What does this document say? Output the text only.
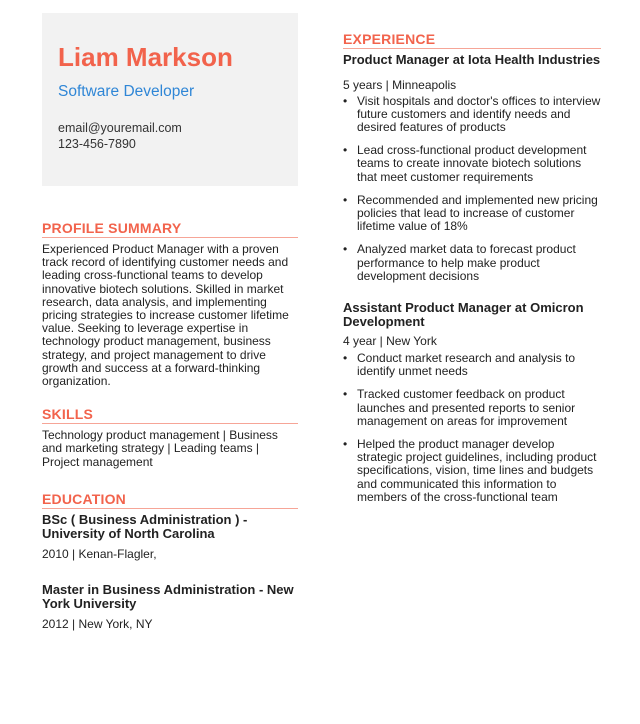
Liam Markson
Software Developer
email@youremail.com
123-456-7890
PROFILE SUMMARY
Experienced Product Manager with a proven track record of identifying customer needs and leading cross-functional teams to develop innovative biotech solutions. Skilled in market research, data analysis, and implementing pricing strategies to increase customer lifetime value. Seeking to leverage expertise in technology product management, business strategy, and project management to drive growth and success at a forward-thinking organization.
SKILLS
Technology product management | Business and marketing strategy | Leading teams | Project management
EDUCATION
BSc ( Business Administration ) - University of North Carolina
2010 | Kenan-Flagler,
Master in Business Administration - New York University
2012 | New York, NY
EXPERIENCE
Product Manager at Iota Health Industries
5 years | Minneapolis
• Visit hospitals and doctor's offices to interview future customers and identify needs and desired features of products
• Lead cross-functional product development teams to create innovate biotech solutions that meet customer requirements
• Recommended and implemented new pricing policies that lead to increase of customer lifetime value of 18%
• Analyzed market data to forecast product performance to help make product development decisions
Assistant Product Manager at Omicron Development
4 year | New York
• Conduct market research and analysis to identify unmet needs
• Tracked customer feedback on product launches and presented reports to senior management on areas for improvement
• Helped the product manager develop strategic project guidelines, including product specifications, vision, time lines and budgets and communicated this information to members of the cross-functional team
